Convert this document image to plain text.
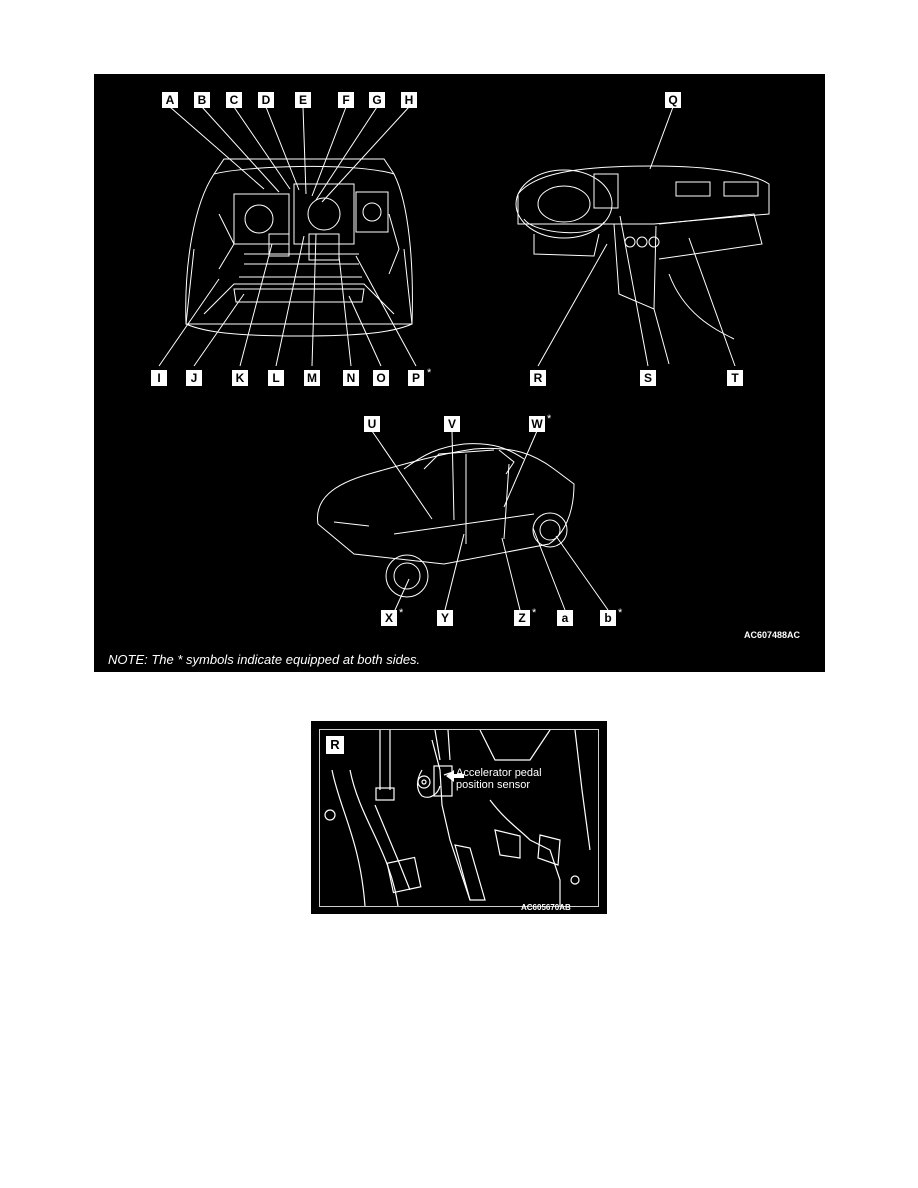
A	B	C	D	E	F	G	H
I	J	K	L	M	N	O	P *
Q
R	S	T
U	V	W *
X *	Y	Z *	a	b *
AC607488AC
NOTE: The * symbols indicate equipped at both sides.
R
Accelerator pedal
position sensor
AC605670AB
